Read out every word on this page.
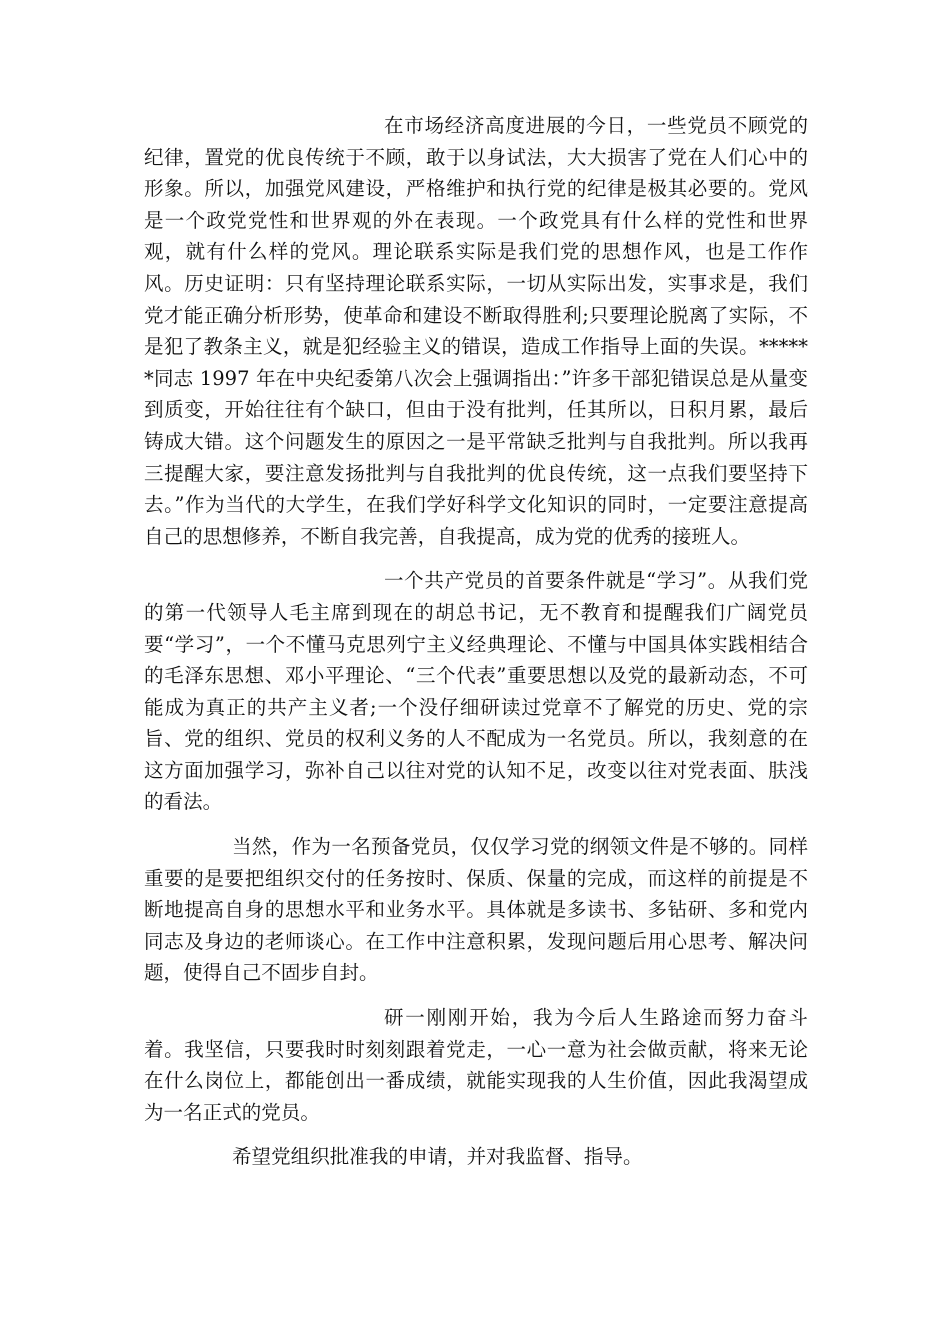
在市场经济高度进展的今日，一些党员不顾党的纪律，置党的优良传统于不顾，敢于以身试法，大大损害了党在人们心中的形象。所以，加强党风建设，严格维护和执行党的纪律是极其必要的。党风是一个政党党性和世界观的外在表现。一个政党具有什么样的党性和世界观，就有什么样的党风。理论联系实际是我们党的思想作风，也是工作作风。历史证明：只有坚持理论联系实际，一切从实际出发，实事求是，我们党才能正确分析形势，使革命和建设不断取得胜利;只要理论脱离了实际，不是犯了教条主义，就是犯经验主义的错误，造成工作指导上面的失误。******同志 1997 年在中央纪委第八次会上强调指出：”许多干部犯错误总是从量变到质变，开始往往有个缺口，但由于没有批判，任其所以，日积月累，最后铸成大错。这个问题发生的原因之一是平常缺乏批判与自我批判。所以我再三提醒大家，要注意发扬批判与自我批判的优良传统，这一点我们要坚持下去。”作为当代的大学生，在我们学好科学文化知识的同时，一定要注意提高自己的思想修养，不断自我完善，自我提高，成为党的优秀的接班人。

一个共产党员的首要条件就是“学习”。从我们党的第一代领导人毛主席到现在的胡总书记，无不教育和提醒我们广阔党员要“学习”，一个不懂马克思列宁主义经典理论、不懂与中国具体实践相结合的毛泽东思想、邓小平理论、“三个代表”重要思想以及党的最新动态，不可能成为真正的共产主义者;一个没仔细研读过党章不了解党的历史、党的宗旨、党的组织、党员的权利义务的人不配成为一名党员。所以，我刻意的在这方面加强学习，弥补自己以往对党的认知不足，改变以往对党表面、肤浅的看法。

当然，作为一名预备党员，仅仅学习党的纲领文件是不够的。同样重要的是要把组织交付的任务按时、保质、保量的完成，而这样的前提是不断地提高自身的思想水平和业务水平。具体就是多读书、多钻研、多和党内同志及身边的老师谈心。在工作中注意积累，发现问题后用心思考、解决问题，使得自己不固步自封。

研一刚刚开始，我为今后人生路途而努力奋斗着。我坚信，只要我时时刻刻跟着党走，一心一意为社会做贡献，将来无论在什么岗位上，都能创出一番成绩，就能实现我的人生价值，因此我渴望成为一名正式的党员。

希望党组织批准我的申请，并对我监督、指导。
